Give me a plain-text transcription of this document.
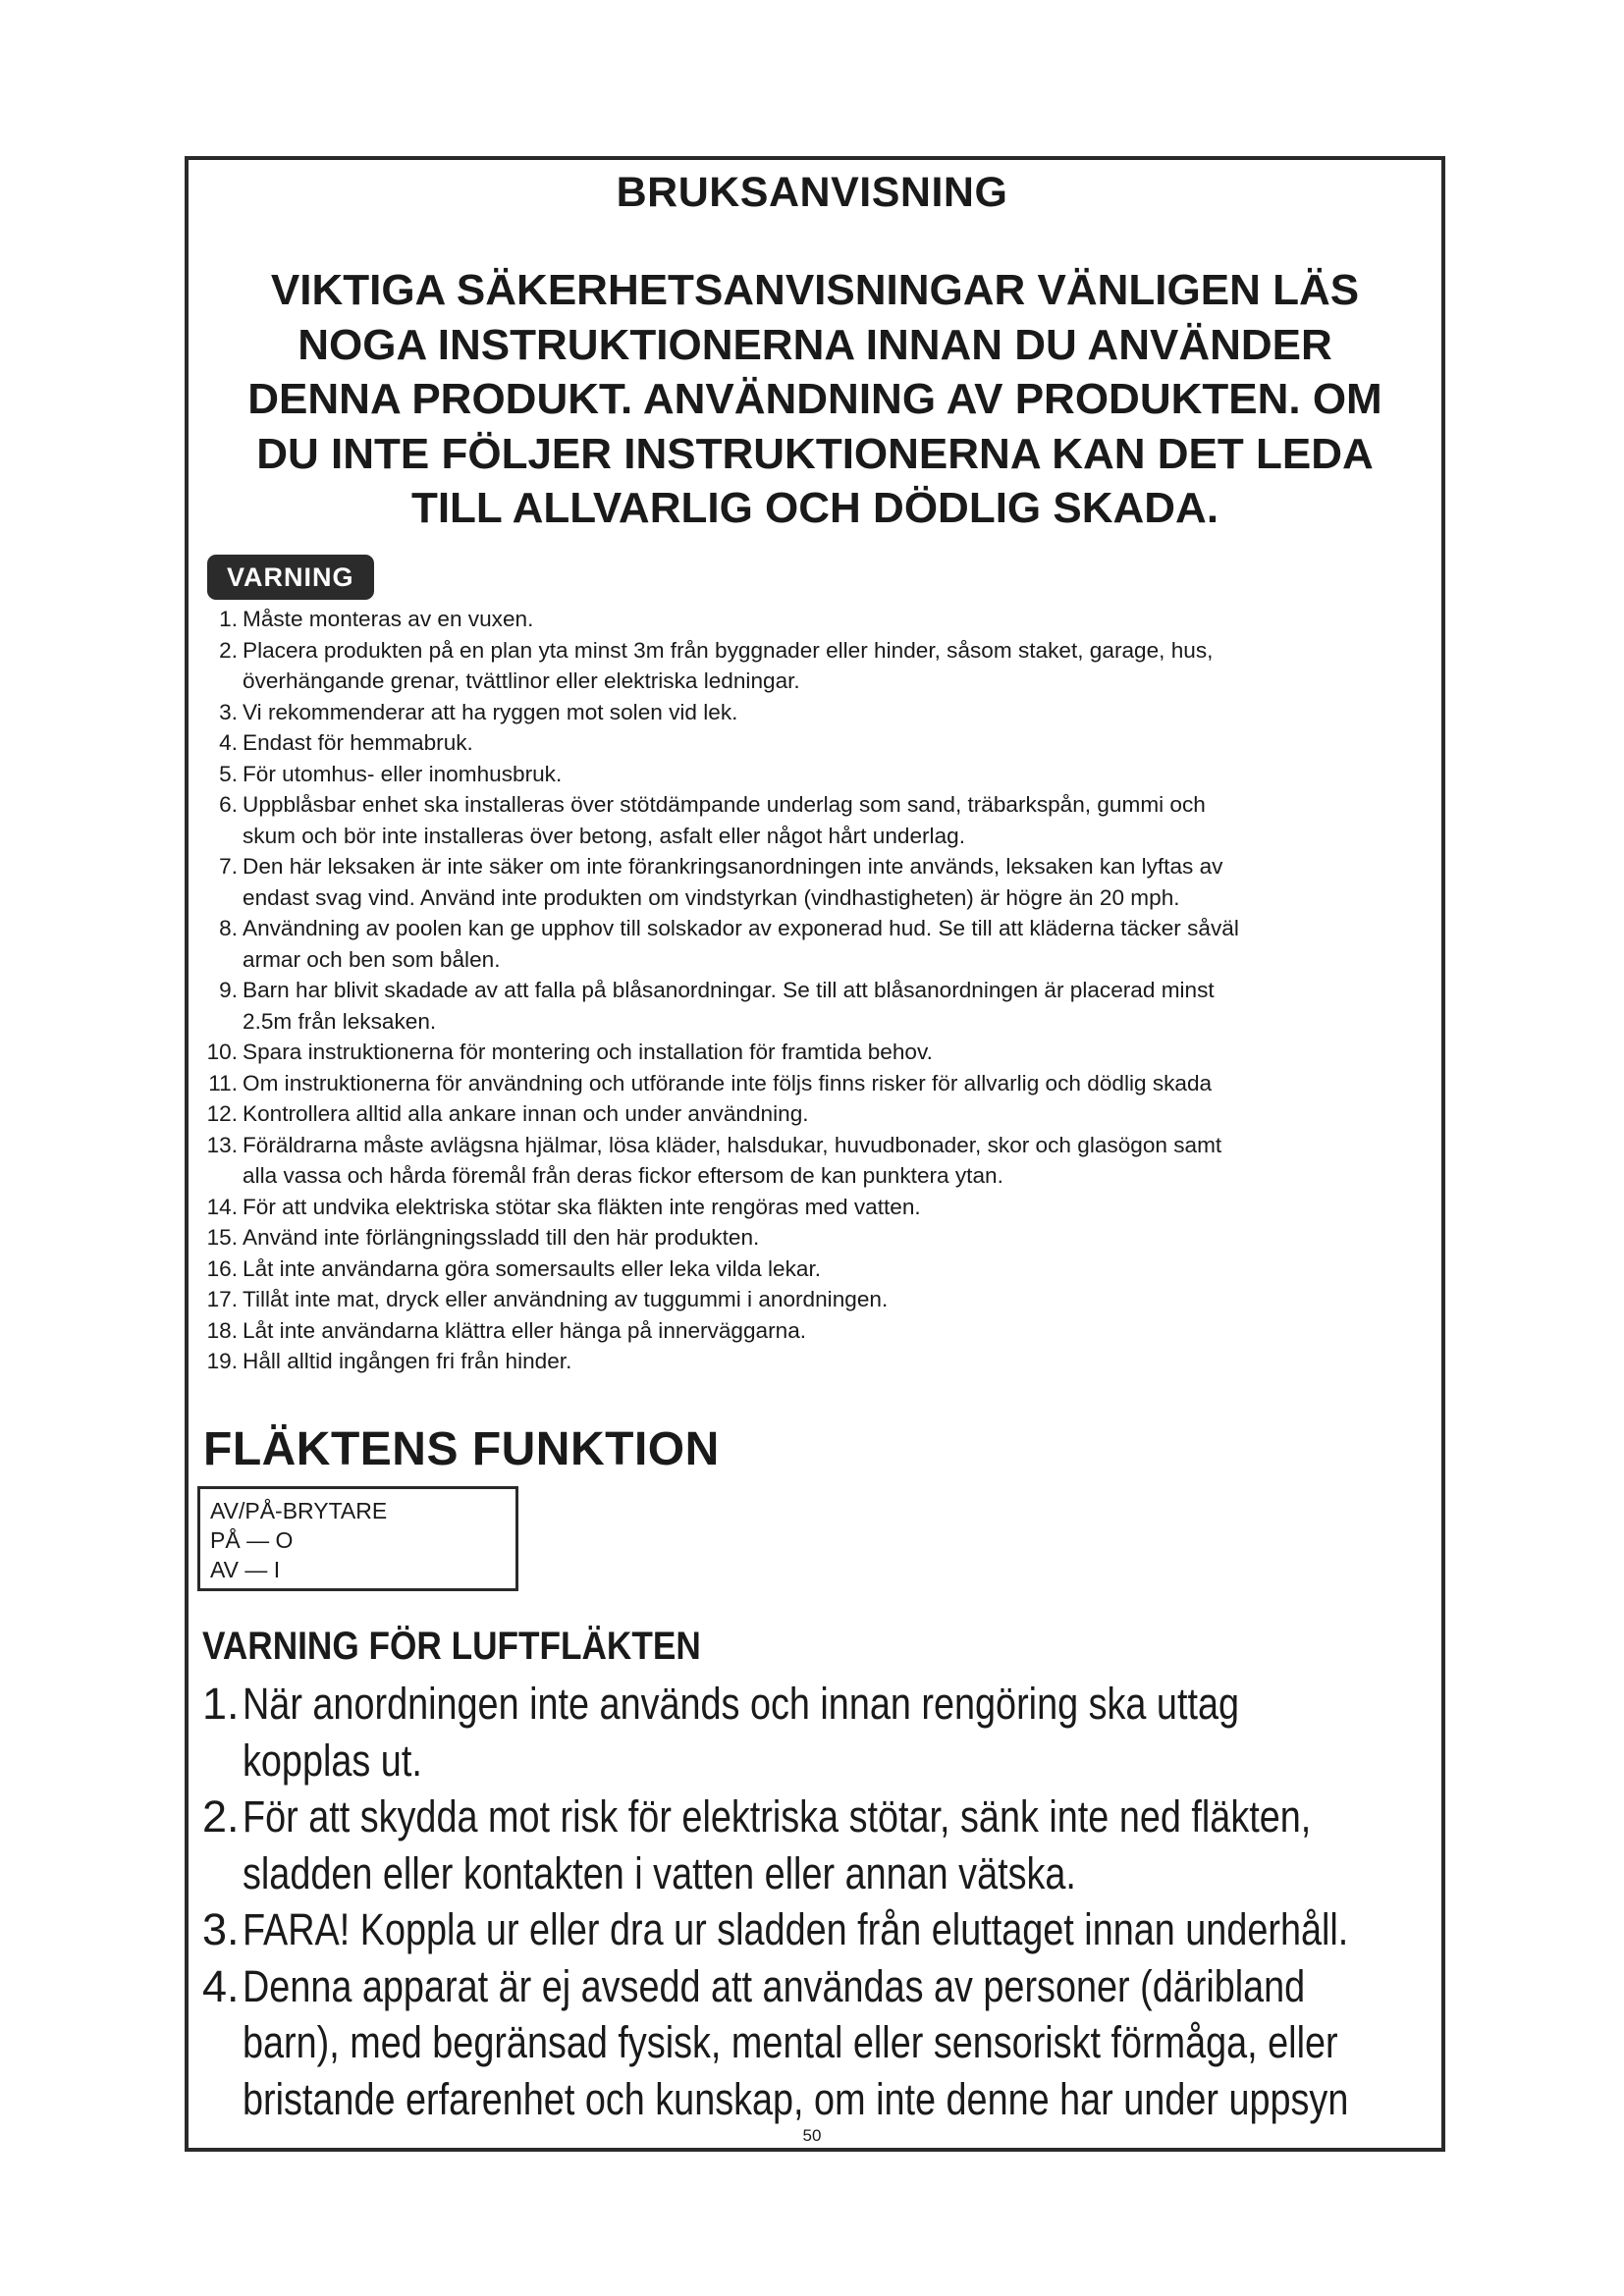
BRUKSANVISNING
VIKTIGA SÄKERHETSANVISNINGAR VÄNLIGEN LÄS
NOGA INSTRUKTIONERNA INNAN DU ANVÄNDER
DENNA PRODUKT. ANVÄNDNING AV PRODUKTEN. OM
DU INTE FÖLJER INSTRUKTIONERNA KAN DET LEDA
TILL ALLVARLIG OCH DÖDLIG SKADA.
VARNING
1. Måste monteras av en vuxen.
2. Placera produkten på en plan yta minst 3m från byggnader eller hinder, såsom staket, garage, hus,
överhängande grenar, tvättlinor eller elektriska ledningar.
3. Vi rekommenderar att ha ryggen mot solen vid lek.
4. Endast för hemmabruk.
5. För utomhus- eller inomhusbruk.
6. Uppblåsbar enhet ska installeras över stötdämpande underlag som sand, träbarkspån, gummi och
skum och bör inte installeras över betong, asfalt eller något hårt underlag.
7. Den här leksaken är inte säker om inte förankringsanordningen inte används, leksaken kan lyftas av
endast svag vind. Använd inte produkten om vindstyrkan (vindhastigheten) är högre än 20 mph.
8. Användning av poolen kan ge upphov till solskador av exponerad hud. Se till att kläderna täcker såväl
armar och ben som bålen.
9. Barn har blivit skadade av att falla på blåsanordningar. Se till att blåsanordningen är placerad minst
2.5m från leksaken.
10. Spara instruktionerna för montering och installation för framtida behov.
11. Om instruktionerna för användning och utförande inte följs finns risker för allvarlig och dödlig skada
12. Kontrollera alltid alla ankare innan och under användning.
13. Föräldrarna måste avlägsna hjälmar, lösa kläder, halsdukar, huvudbonader, skor och glasögon samt
alla vassa och hårda föremål från deras fickor eftersom de kan punktera ytan.
14. För att undvika elektriska stötar ska fläkten inte rengöras med vatten.
15. Använd inte förlängningssladd till den här produkten.
16. Låt inte användarna göra somersaults eller leka vilda lekar.
17. Tillåt inte mat, dryck eller användning av tuggummi i anordningen.
18. Låt inte användarna klättra eller hänga på innerväggarna.
19. Håll alltid ingången fri från hinder.
FLÄKTENS FUNKTION
AV/PÅ-BRYTARE
PÅ — O
AV — I
VARNING FÖR LUFTFLÄKTEN
1. När anordningen inte används och innan rengöring ska uttag
kopplas ut.
2. För att skydda mot risk för elektriska stötar, sänk inte ned fläkten,
sladden eller kontakten i vatten eller annan vätska.
3. FARA! Koppla ur eller dra ur sladden från eluttaget innan underhåll.
4. Denna apparat är ej avsedd att användas av personer (däribland
barn), med begränsad fysisk, mental eller sensoriskt förmåga, eller
bristande erfarenhet och kunskap, om inte denne har under uppsyn
50
